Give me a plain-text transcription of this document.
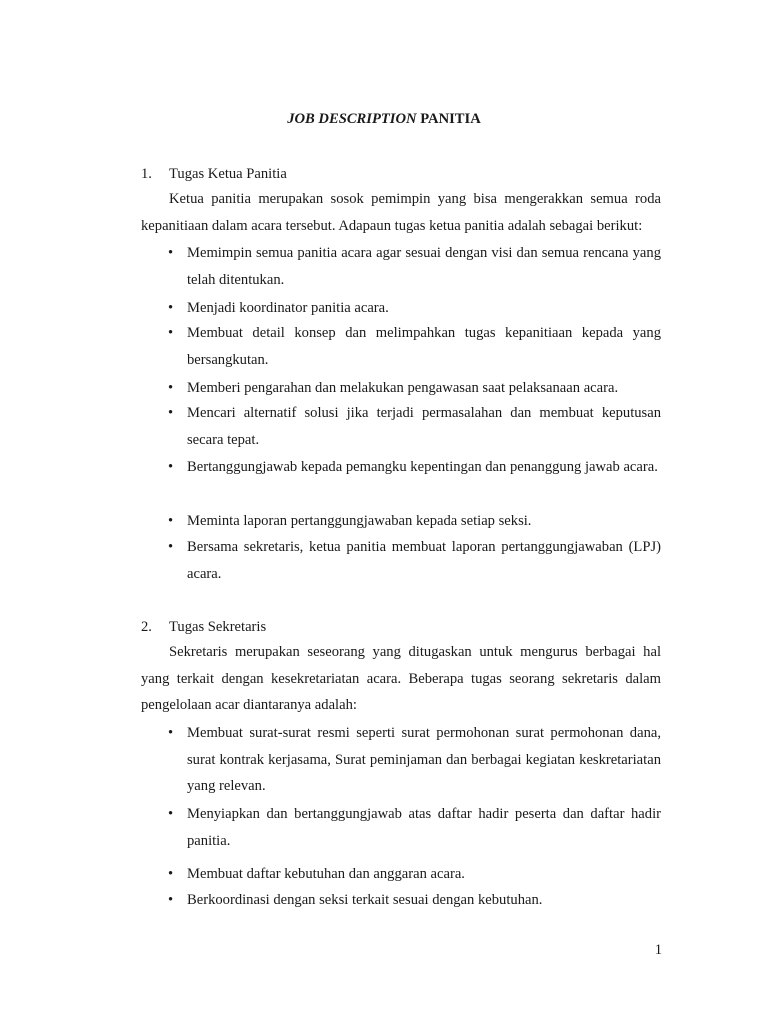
JOB DESCRIPTION PANITIA
1. Tugas Ketua Panitia

Ketua panitia merupakan sosok pemimpin yang bisa mengerakkan semua roda kepanitiaan dalam acara tersebut. Adapaun tugas ketua panitia adalah sebagai berikut:

• Memimpin semua panitia acara agar sesuai dengan visi dan semua rencana yang telah ditentukan.
• Menjadi koordinator panitia acara.
• Membuat detail konsep dan melimpahkan tugas kepanitiaan kepada yang bersangkutan.
• Memberi pengarahan dan melakukan pengawasan saat pelaksanaan acara.
• Mencari alternatif solusi jika terjadi permasalahan dan membuat keputusan secara tepat.
• Bertanggungjawab kepada pemangku kepentingan dan penanggung jawab acara.
• Meminta laporan pertanggungjawaban kepada setiap seksi.
• Bersama sekretaris, ketua panitia membuat laporan pertanggungjawaban (LPJ) acara.
2. Tugas Sekretaris

Sekretaris merupakan seseorang yang ditugaskan untuk mengurus berbagai hal yang terkait dengan kesekretariatan acara. Beberapa tugas seorang sekretaris dalam pengelolaan acar diantaranya adalah:

• Membuat surat-surat resmi seperti surat permohonan surat permohonan dana, surat kontrak kerjasama, Surat peminjaman dan berbagai kegiatan keskretariatan yang relevan.
• Menyiapkan dan bertanggungjawab atas daftar hadir peserta dan daftar hadir panitia.
• Membuat daftar kebutuhan dan anggaran acara.
• Berkoordinasi dengan seksi terkait sesuai dengan kebutuhan.
1
